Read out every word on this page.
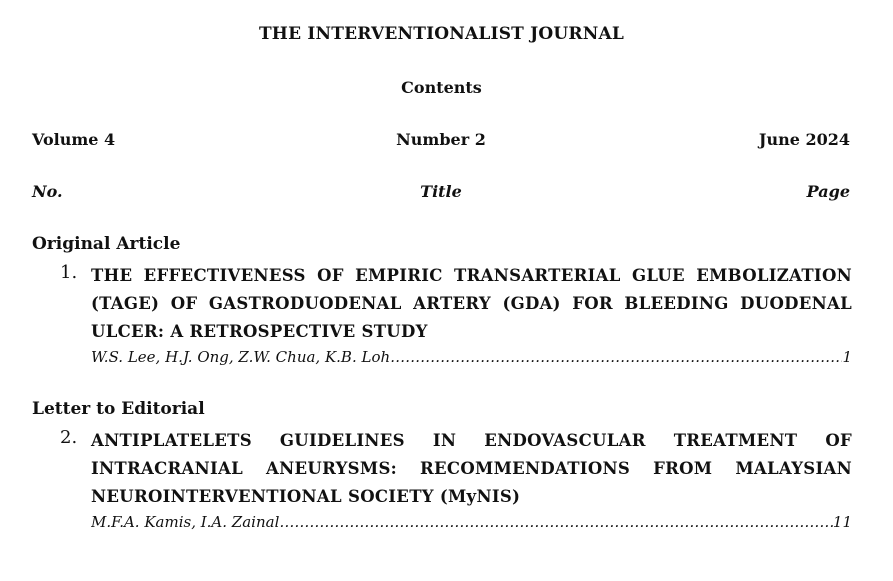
THE INTERVENTIONALIST JOURNAL
Contents
Volume 4	Number 2	June 2024
No.	Title	Page
Original Article
1. THE EFFECTIVENESS OF EMPIRIC TRANSARTERIAL GLUE EMBOLIZATION (TAGE) OF GASTRODUODENAL ARTERY (GDA) FOR BLEEDING DUODENAL ULCER: A RETROSPECTIVE STUDY
W.S. Lee, H.J. Ong, Z.W. Chua, K.B. Loh ……………………………………………………………………………………………………………………………………………………………	1
Letter to Editorial
2. ANTIPLATELETS GUIDELINES IN ENDOVASCULAR TREATMENT OF INTRACRANIAL ANEURYSMS: RECOMMENDATIONS FROM MALAYSIAN NEUROINTERVENTIONAL SOCIETY (MyNIS)
M.F.A. Kamis, I.A. Zainal ……………………………………………………………………………………………………………………………………………………………	11
